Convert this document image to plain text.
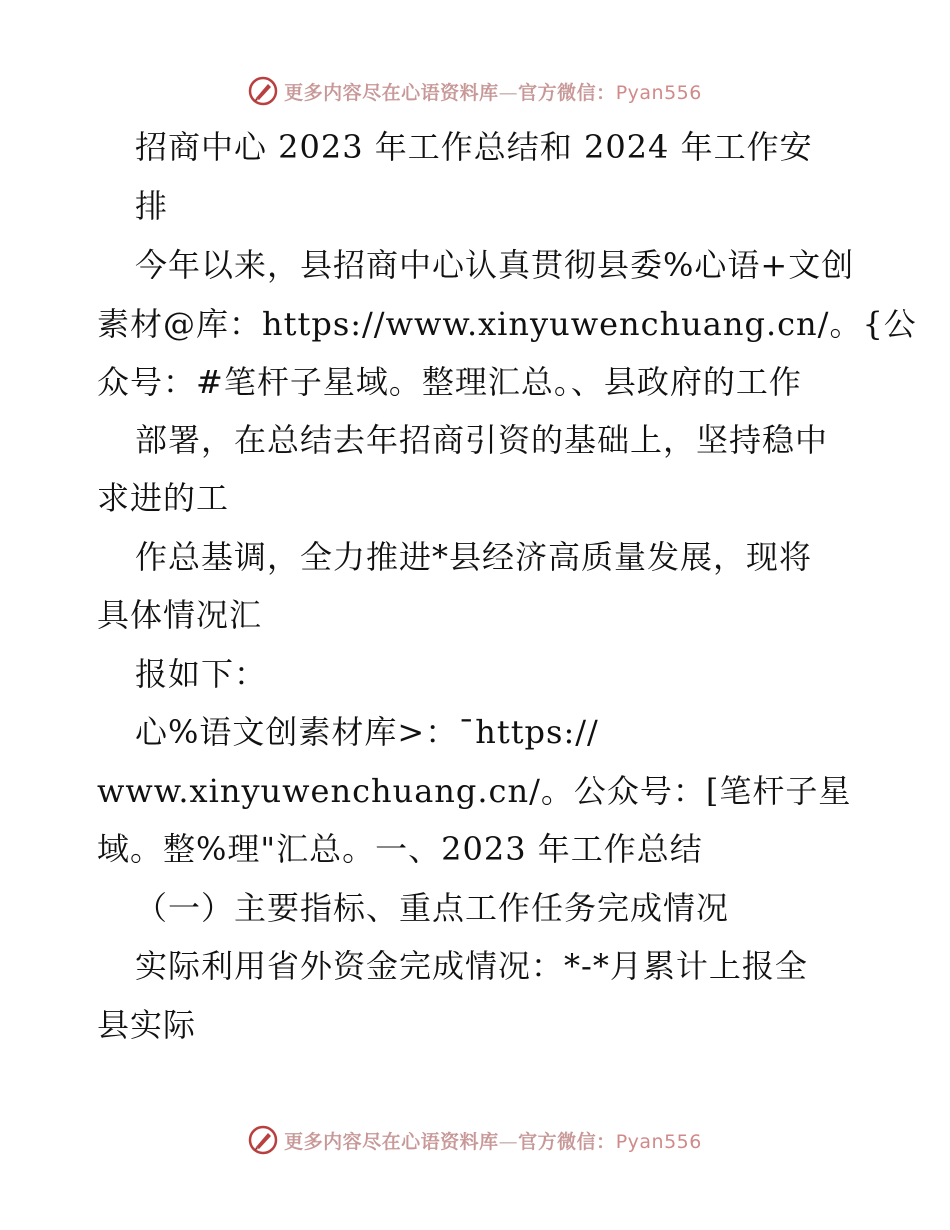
更多内容尽在心语资料库—官方微信：Pyan556
招商中心 2023 年工作总结和 2024 年工作安
排
今年以来，县招商中心认真贯彻县委%心语+文创
素材@库：https://www.xinyuwenchuang.cn/。{公
众号：#笔杆子星域。整理汇总。、县政府的工作
部署，在总结去年招商引资的基础上，坚持稳中
求进的工
作总基调，全力推进*县经济高质量发展，现将
具体情况汇
报如下：
心%语文创素材库>：¯https://
www.xinyuwenchuang.cn/。公众号：[笔杆子星
域。整%理"汇总。一、2023 年工作总结
（一）主要指标、重点工作任务完成情况
实际利用省外资金完成情况：*-*月累计上报全
县实际
更多内容尽在心语资料库—官方微信：Pyan556
